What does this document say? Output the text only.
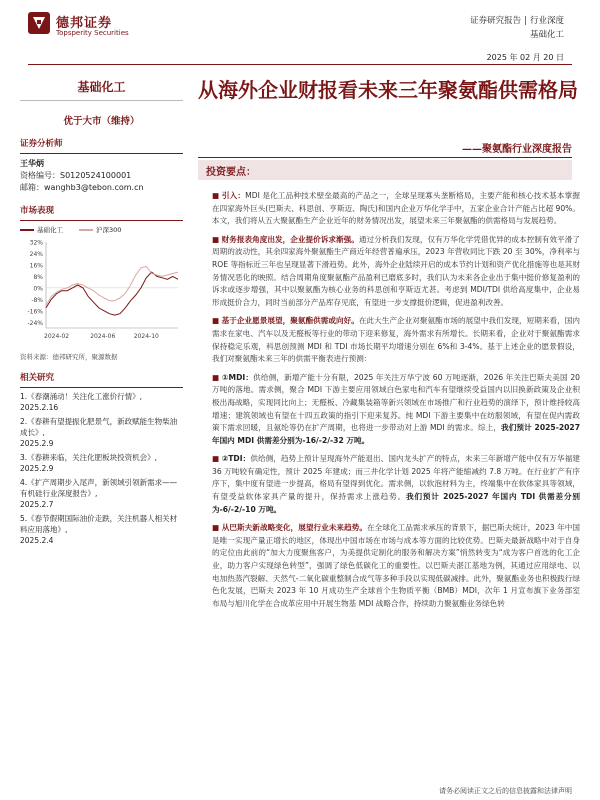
德邦证券
Topsperity Securities
证券研究报告 | 行业深度
基础化工
2025 年 02 月 20 日
基础化工
优于大市（维持）
证券分析师
王华炳
资格编号：S0120524100001
邮箱：wanghb3@tebon.com.cn
市场表现
基础化工	沪深300
32%
24%
16%
8%
0%
-8%
-16%
-24%
2024-02	2024-06	2024-10
资料来源：德邦研究所，聚源数据
相关研究
1.《春潮涌动！关注化工涨价行情》,
2025.2.16
2.《春耕有望提振化肥景气，新政赋能生物柴油成长》,
2025.2.9
3.《春耕来临，关注化肥板块投资机会》,
2025.2.9
4.《扩产周期步入尾声，新领域引领新需求——有机硅行业深度报告》,
2025.2.7
5.《春节假期国际油价走跌，关注机器人相关材料应用落地》,
2025.2.4
从海外企业财报看未来三年聚氨酯供需格局
——聚氨酯行业深度报告
投资要点：

■ 引入：MDI 是化工品种技术壁垒最高的产品之一，全球呈现寡头垄断格局，主要产能和核心技术基本掌握在四家海外巨头(巴斯夫、科思创、亨斯迈、陶氏)和国内企业万华化学手中，五家企业合计产能占比超 90%。本文，我们将从五大聚氨酯生产企业近年的财务情况出发，展望未来三年聚氨酯的供需格局与发展趋势。

■ 财务报表角度出发，企业提价诉求渐强。通过分析我们发现，仅有万华化学凭借优异的成本控制有效平滑了周期的波动性，其余四家海外聚氨酯生产商近年经营普遍承压，2023 年营收同比下跌 20 至 30%，净利率与 ROE 等指标近三年也呈现显著下滑趋势。此外，海外企业陆续开启的成本节约计划和资产优化措施等也是其财务情况恶化的映照。结合周期角度聚氨酯产品盈利已磨底多时，我们认为未来各企业出于集中挺价修复盈利的诉求或逐步增强，其中以聚氨酯为核心业务的科思创和亨斯迈尤甚。考虑到 MDI/TDI 供给高度集中，企业易形成挺价合力，同时当前部分产品库存见底，有望进一步支撑挺价逻辑，促进盈利改善。

■ 基于企业愿景展望，聚氨酯供需或向好。在此大生产企业对聚氨酯市场的展望中我们发现，短期来看，国内需求在家电、汽车以及无醛板等行业的带动下迎来修复，海外需求有所增长。长期来看，企业对于聚氨酯需求保持稳定乐观，科思创预测 MDI 和 TDI 市场长期平均增速分别在 6%和 3-4%。基于上述企业的愿景假设，我们对聚氨酯未来三年的供需平衡表进行预测：

■ ①MDI：供给侧，新增产能十分有限，2025 年关注万华宁波 60 万吨逐渐，2026 年关注巴斯夫美国 20 万吨的落地。需求侧，聚合 MDI 下游主要应用领域白色家电和汽车有望继续受益国内以旧换新政策及企业积极出海战略，实现同比向上；无醛板、冷藏集装箱等新兴领域在市场推广和行业趋势的演绎下，预计维持较高增速；建筑领域也有望在十四五政策的指引下迎来复苏。纯 MDI 下游主要集中在纺服领域，有望在促内需政策下需求回暖，且氨纶等仍在扩产周期，也将进一步带动对上游 MDI 的需求。综上，我们预计 2025-2027 年国内 MDI 供需差分别为-16/-2/-32 万吨。

■ ②TDI：供给侧，趋势上预计呈现海外产能退出、国内龙头扩产的特点，未来三年新增产能中仅有万华福建 36 万吨较有确定性，预计 2025 年建成；而三井化学计划 2025 年将产能缩减约 7.8 万吨。在行业扩产有序序下，集中度有望进一步提高，格局有望得到优化。需求侧，以软泡材料为主，终端集中在软体家具等领域，有望受益软体家具产量的提升，保持需求上涨趋势。我们预计 2025-2027 年国内 TDI 供需差分别为-6/-2/-10 万吨。

■ 从巴斯夫新战略变化，展望行业未来趋势。在全球化工品需求承压的背景下，据巴斯夫统计，2023 年中国是唯一实现产量正增长的地区，体现出中国市场在市场与成本等方面的比较优势。巴斯夫最新战略中对于自身的定位由此前的“加大力度聚焦客户，为美提供定制化的服务和解决方案”悄然转变为“成为客户首选的化工企业，助力客户实现绿色转型”，强调了绿色低碳化工的重要性。以巴斯夫湛江基地为例，其通过应用绿电、以电加热蒸汽裂解、天然气-二氧化碳重整制合成气等多种手段以实现低碳减排。此外，聚氨酯业务也积极践行绿色化发展，巴斯夫 2023 年 10 月成功生产全球首个生物质平衡（BMB）MDI，次年 1 月宣布旗下业务部室布局与旭川化学在合成革应用中开展生物基 MDI 战略合作，持续助力聚氨酯业务绿色转

请务必阅读正文之后的信息披露和法律声明
